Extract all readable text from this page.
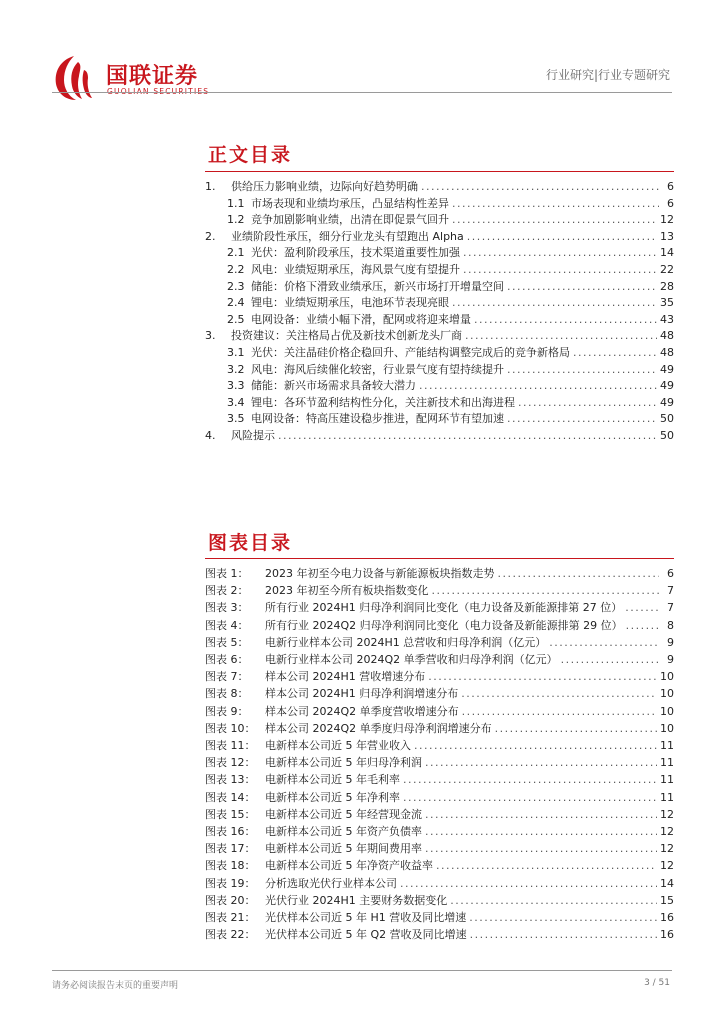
国联证券
GUOLIAN SECURITIES
行业研究|行业专题研究
正文目录
1.	供给压力影响业绩，边际向好趋势明确 .....	6
1.1 市场表现和业绩均承压，凸显结构性差异 .....	6
1.2 竞争加剧影响业绩，出清在即促景气回升 .....	12
2.	业绩阶段性承压，细分行业龙头有望跑出 Alpha .....	13
2.1 光伏：盈利阶段承压，技术渠道重要性加强 .....	14
2.2 风电：业绩短期承压，海风景气度有望提升 .....	22
2.3 储能：价格下滑致业绩承压，新兴市场打开增量空间 .....	28
2.4 锂电：业绩短期承压，电池环节表现亮眼 .....	35
2.5 电网设备：业绩小幅下滑，配网或将迎来增量 .....	43
3.	投资建议：关注格局占优及新技术创新龙头厂商 .....	48
3.1 光伏：关注晶硅价格企稳回升、产能结构调整完成后的竞争新格局 .....	48
3.2 风电：海风后续催化较密，行业景气度有望持续提升 .....	49
3.3 储能：新兴市场需求具备较大潜力 .....	49
3.4 锂电：各环节盈利结构性分化，关注新技术和出海进程 .....	49
3.5 电网设备：特高压建设稳步推进，配网环节有望加速 .....	50
4.	风险提示 .....	50
图表目录
图表 1：	2023 年初至今电力设备与新能源板块指数走势 .....	6
图表 2：	2023 年初至今所有板块指数变化 .....	7
图表 3：	所有行业 2024H1 归母净利润同比变化（电力设备及新能源排第 27 位） .....	7
图表 4：	所有行业 2024Q2 归母净利润同比变化（电力设备及新能源排第 29 位） .....	8
图表 5：	电新行业样本公司 2024H1 总营收和归母净利润（亿元） .....	9
图表 6：	电新行业样本公司 2024Q2 单季营收和归母净利润（亿元） .....	9
图表 7：	样本公司 2024H1 营收增速分布 .....	10
图表 8：	样本公司 2024H1 归母净利润增速分布 .....	10
图表 9：	样本公司 2024Q2 单季度营收增速分布 .....	10
图表 10： 样本公司 2024Q2 单季度归母净利润增速分布 .....	10
图表 11： 电新样本公司近 5 年营业收入 .....	11
图表 12： 电新样本公司近 5 年归母净利润 .....	11
图表 13： 电新样本公司近 5 年毛利率 .....	11
图表 14： 电新样本公司近 5 年净利率 .....	11
图表 15： 电新样本公司近 5 年经营现金流 .....	12
图表 16： 电新样本公司近 5 年资产负债率 .....	12
图表 17： 电新样本公司近 5 年期间费用率 .....	12
图表 18： 电新样本公司近 5 年净资产收益率 .....	12
图表 19： 分析选取光伏行业样本公司 .....	14
图表 20： 光伏行业 2024H1 主要财务数据变化 .....	15
图表 21： 光伏样本公司近 5 年 H1 营收及同比增速 .....	16
图表 22： 光伏样本公司近 5 年 Q2 营收及同比增速 .....	16
请务必阅读报告末页的重要声明	3 / 51
